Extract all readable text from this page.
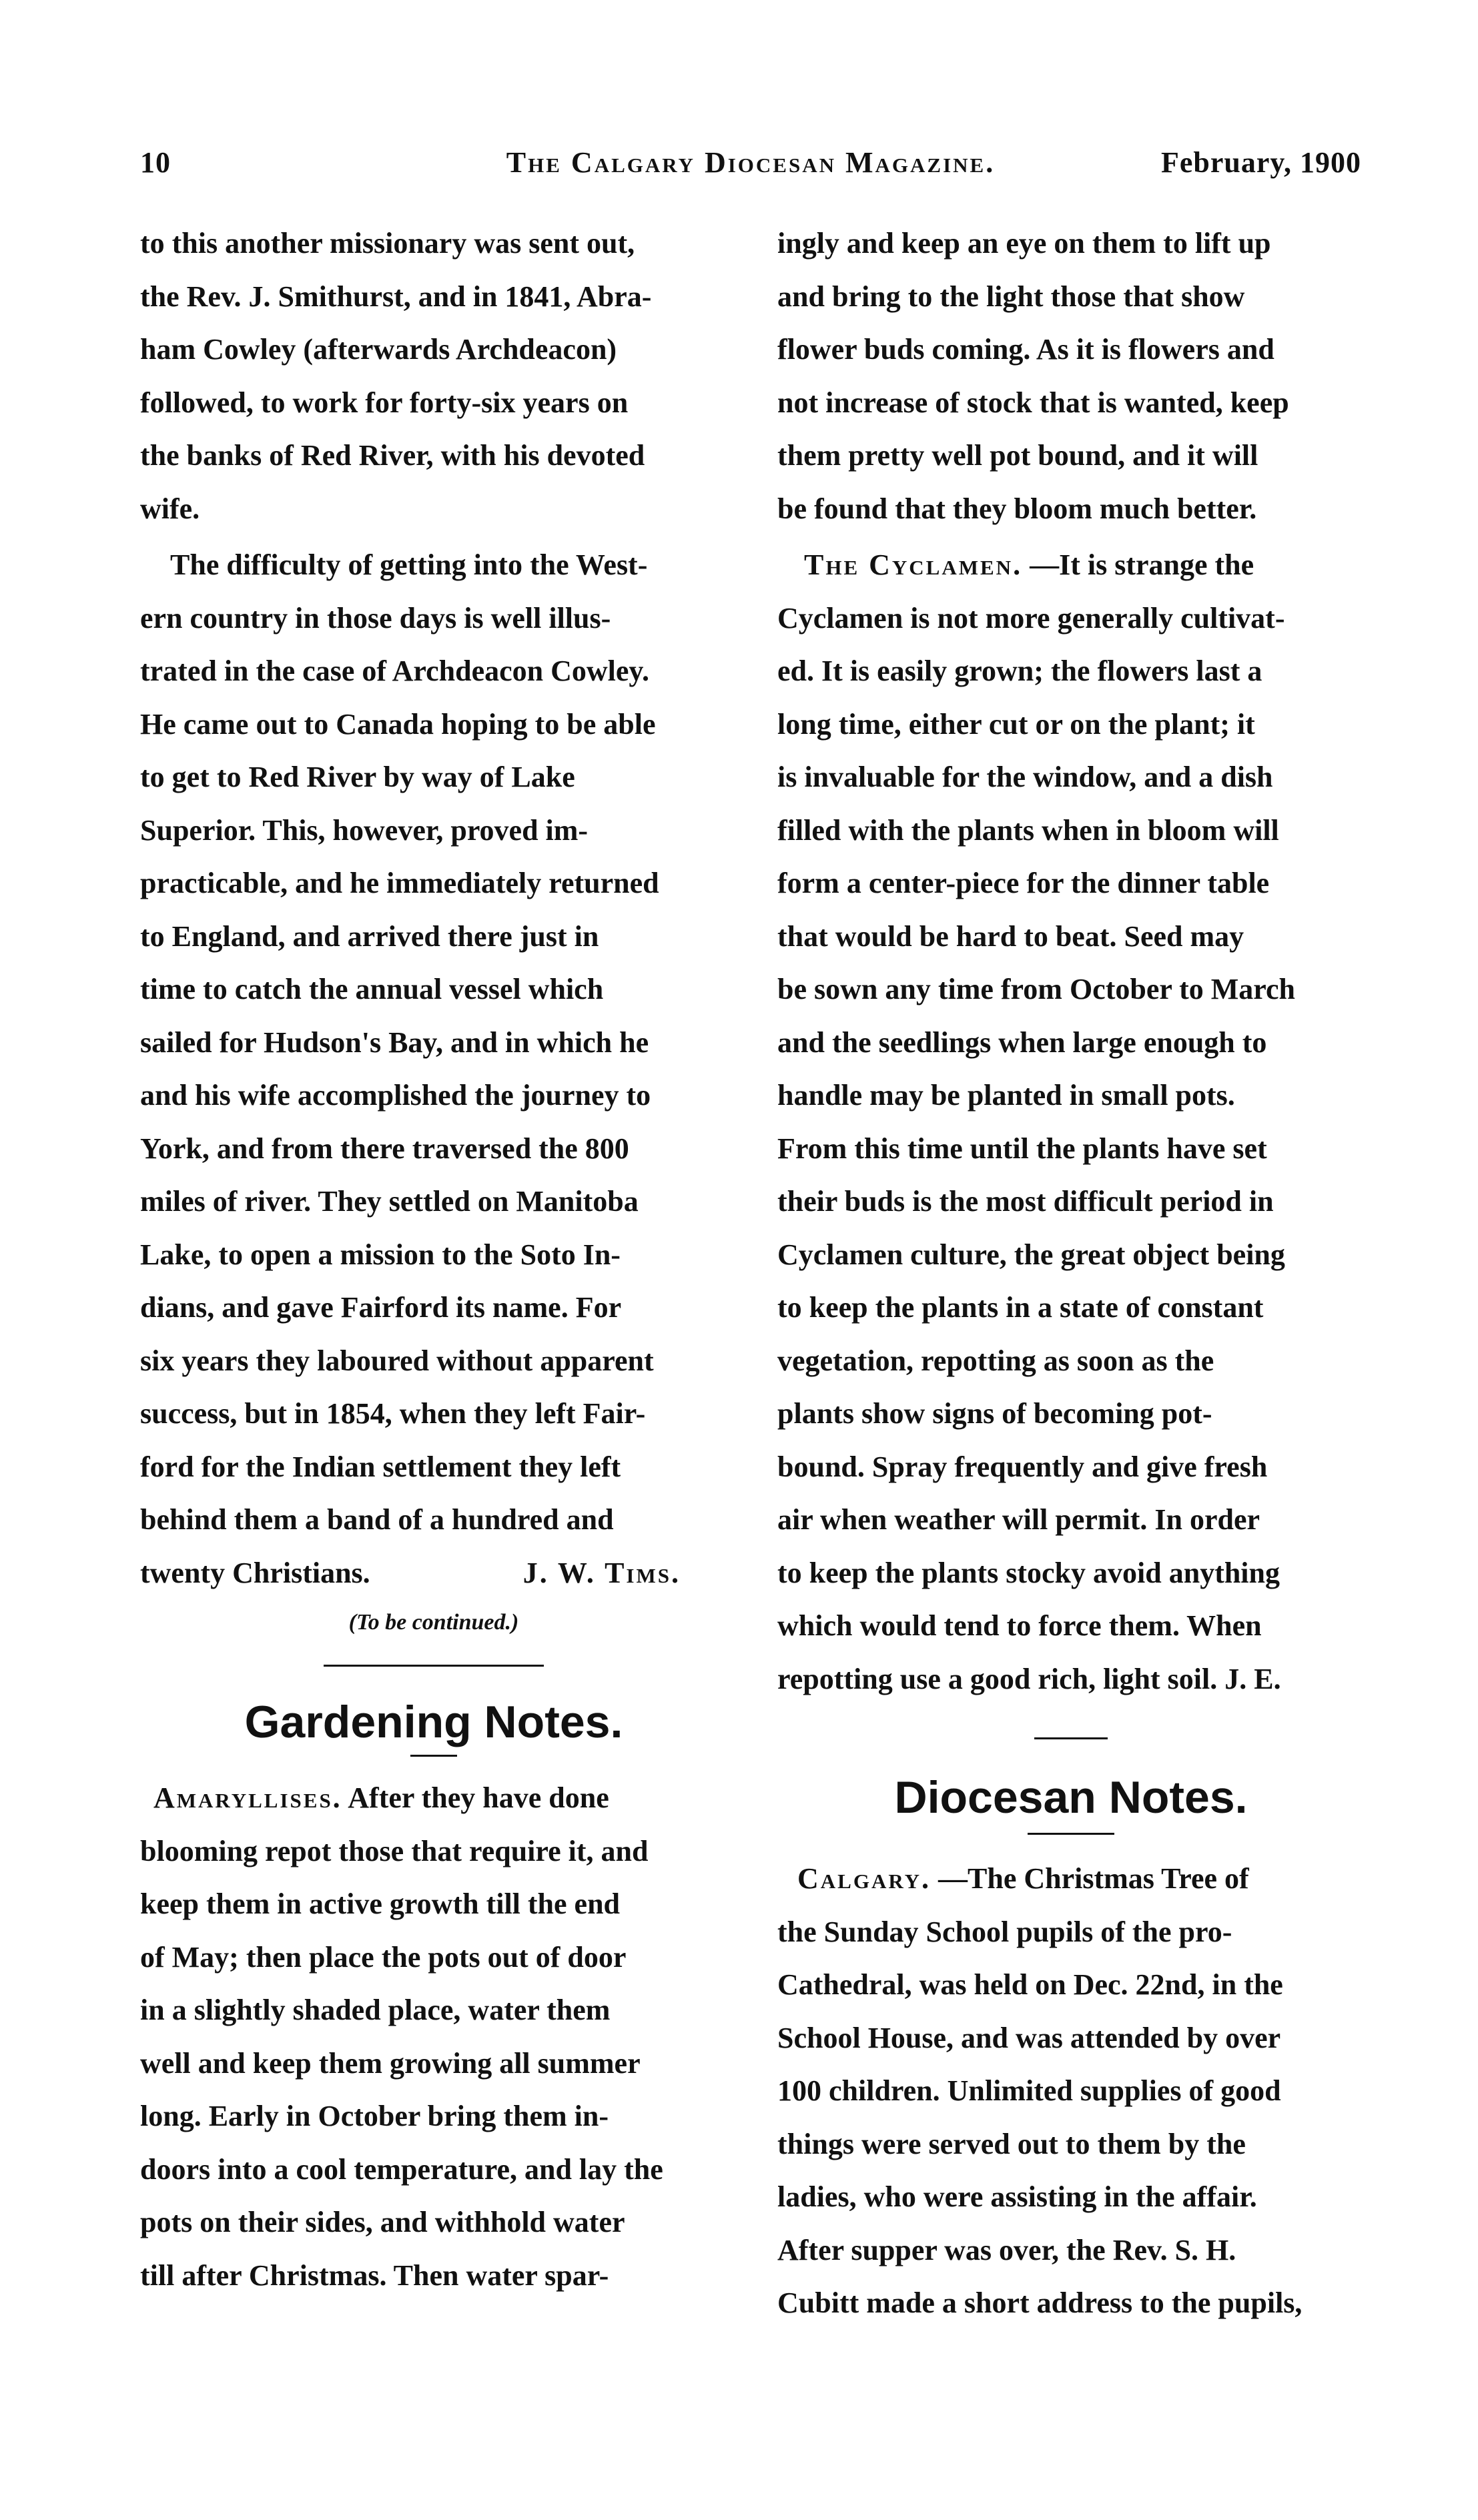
10	The Calgary Diocesan Magazine.	February, 1900

to this another missionary was sent out,
the Rev. J. Smithurst, and in 1841, Abra-
ham Cowley (afterwards Archdeacon)
followed, to work for forty-six years on
the banks of Red River, with his devoted
wife.

The difficulty of getting into the West-
ern country in those days is well illus-
trated in the case of Archdeacon Cowley.
He came out to Canada hoping to be able
to get to Red River by way of Lake
Superior. This, however, proved im-
practicable, and he immediately returned
to England, and arrived there just in
time to catch the annual vessel which
sailed for Hudson's Bay, and in which he
and his wife accomplished the journey to
York, and from there traversed the 800
miles of river. They settled on Manitoba
Lake, to open a mission to the Soto In-
dians, and gave Fairford its name. For
six years they laboured without apparent
success, but in 1854, when they left Fair-
ford for the Indian settlement they left
behind them a band of a hundred and
twenty Christians.	J. W. Tims.

(To be continued.)

Gardening Notes.

Amaryllises. After they have done
blooming repot those that require it, and
keep them in active growth till the end
of May; then place the pots out of door
in a slightly shaded place, water them
well and keep them growing all summer
long. Early in October bring them in-
doors into a cool temperature, and lay the
pots on their sides, and withhold water
till after Christmas. Then water spar-

ingly and keep an eye on them to lift up
and bring to the light those that show
flower buds coming. As it is flowers and
not increase of stock that is wanted, keep
them pretty well pot bound, and it will
be found that they bloom much better.

The Cyclamen. —It is strange the
Cyclamen is not more generally cultivat-
ed. It is easily grown; the flowers last a
long time, either cut or on the plant; it
is invaluable for the window, and a dish
filled with the plants when in bloom will
form a center-piece for the dinner table
that would be hard to beat. Seed may
be sown any time from October to March
and the seedlings when large enough to
handle may be planted in small pots.
From this time until the plants have set
their buds is the most difficult period in
Cyclamen culture, the great object being
to keep the plants in a state of constant
vegetation, repotting as soon as the
plants show signs of becoming pot-
bound. Spray frequently and give fresh
air when weather will permit. In order
to keep the plants stocky avoid anything
which would tend to force them. When
repotting use a good rich, light soil. J. E.

Diocesan Notes.

Calgary. —The Christmas Tree of
the Sunday School pupils of the pro-
Cathedral, was held on Dec. 22nd, in the
School House, and was attended by over
100 children. Unlimited supplies of good
things were served out to them by the
ladies, who were assisting in the affair.
After supper was over, the Rev. S. H.
Cubitt made a short address to the pupils,
